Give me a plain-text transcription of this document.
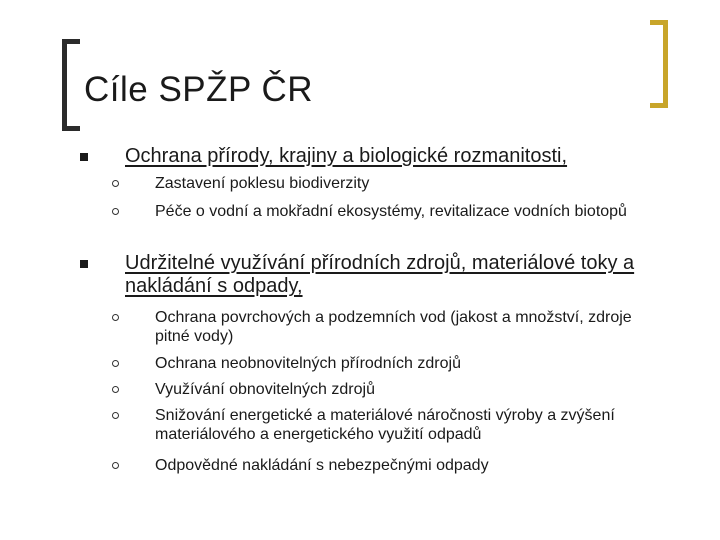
Cíle SPŽP ČR
Ochrana přírody, krajiny a biologické rozmanitosti,
Zastavení poklesu biodiverzity
Péče o vodní a mokřadní ekosystémy, revitalizace vodních biotopů
Udržitelné využívání přírodních zdrojů, materiálové toky a nakládání s odpady,
Ochrana povrchových a podzemních vod (jakost a množství, zdroje pitné vody)
Ochrana neobnovitelných přírodních zdrojů
Využívání obnovitelných zdrojů
Snižování energetické a materiálové náročnosti výroby a zvýšení materiálového a energetického využití odpadů
Odpovědné nakládání s nebezpečnými odpady
